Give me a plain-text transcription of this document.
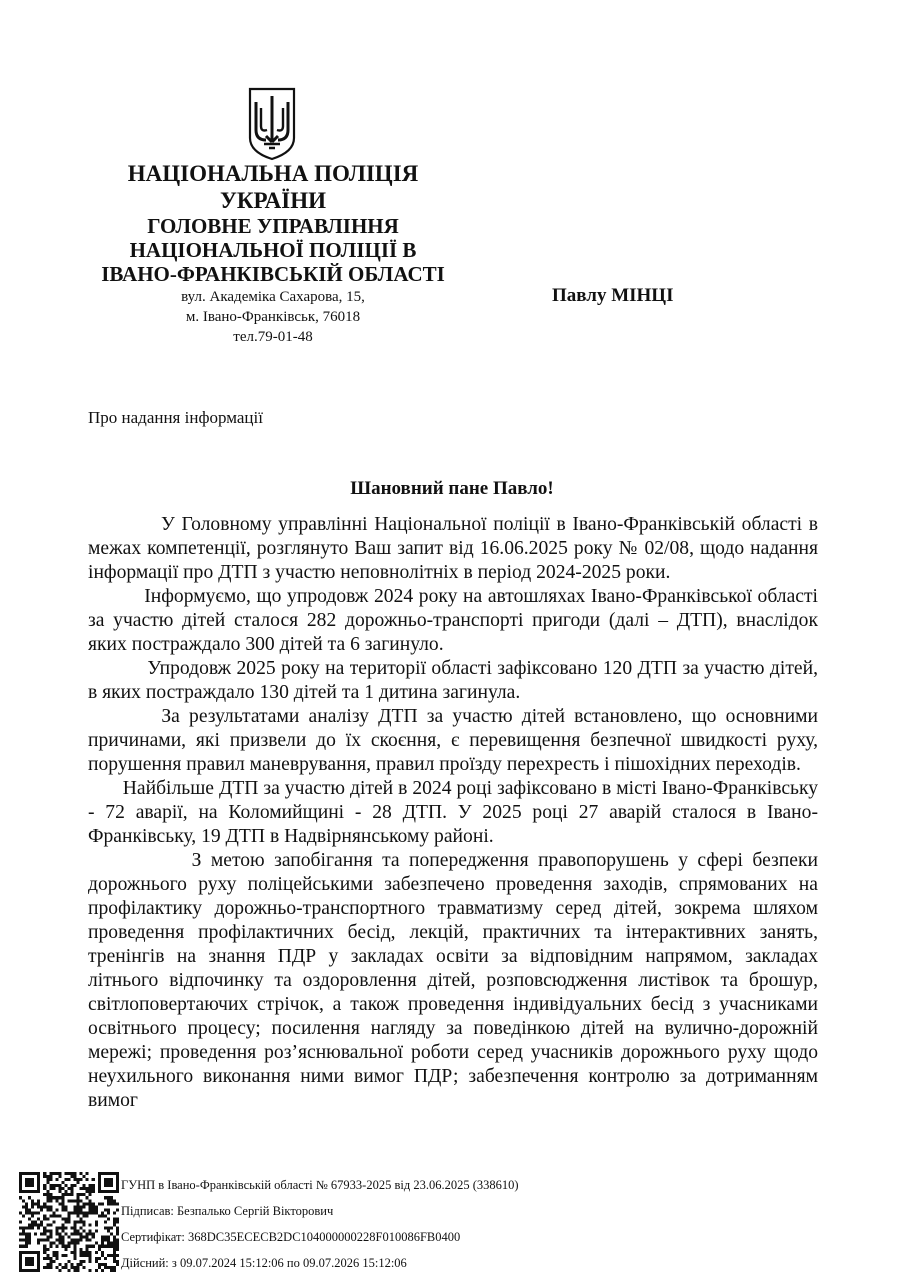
НАЦІОНАЛЬНА ПОЛІЦІЯ
УКРАЇНИ
ГОЛОВНЕ УПРАВЛІННЯ
НАЦІОНАЛЬНОЇ ПОЛІЦІЇ В
ІВАНО-ФРАНКІВСЬКІЙ ОБЛАСТІ
вул. Академіка Сахарова, 15,
м. Івано-Франківськ, 76018
тел.79-01-48
Павлу МІНЦІ
Про надання інформації
Шановний пане Павло!

У Головному управлінні Національної поліції в Івано-Франківській області в межах компетенції, розглянуто Ваш запит від 16.06.2025 року № 02/08, щодо надання інформації про ДТП з участю неповнолітніх в період 2024-2025 роки.

Інформуємо, що упродовж 2024 року на автошляхах Івано-Франківської області за участю дітей сталося 282 дорожньо-транспорті пригоди (далі – ДТП), внаслідок яких постраждало 300 дітей та 6 загинуло.

Упродовж 2025 року на території області зафіксовано 120 ДТП за участю дітей, в яких постраждало 130 дітей та 1 дитина загинула.

За результатами аналізу ДТП за участю дітей встановлено, що основними причинами, які призвели до їх скоєння, є перевищення безпечної швидкості руху, порушення правил маневрування, правил проїзду перехресть і пішохідних переходів.

Найбільше ДТП за участю дітей в 2024 році зафіксовано в місті Івано-Франківську - 72 аварії, на Коломийщині - 28 ДТП. У 2025 році 27 аварій сталося в Івано-Франківську, 19 ДТП в Надвірнянському районі.

З метою запобігання та попередження правопорушень у сфері безпеки дорожнього руху поліцейськими забезпечено проведення заходів, спрямованих на профілактику дорожньо-транспортного травматизму серед дітей, зокрема шляхом проведення профілактичних бесід, лекцій, практичних та інтерактивних занять, тренінгів на знання ПДР у закладах освіти за відповідним напрямом, закладах літнього відпочинку та оздоровлення дітей, розповсюдження листівок та брошур, світлоповертаючих стрічок, а також проведення індивідуальних бесід з учасниками освітнього процесу; посилення нагляду за поведінкою дітей на вулично-дорожній мережі; проведення роз’яснювальної роботи серед учасників дорожнього руху щодо неухильного виконання ними вимог ПДР; забезпечення контролю за дотриманням вимог

ГУНП в Івано-Франківській області № 67933-2025 від 23.06.2025 (338610)
Підписав: Безпалько Сергій Вікторович
Сертифікат: 368DC35ECECB2DC104000000228F010086FB0400
Дійсний: з 09.07.2024 15:12:06 по 09.07.2026 15:12:06
